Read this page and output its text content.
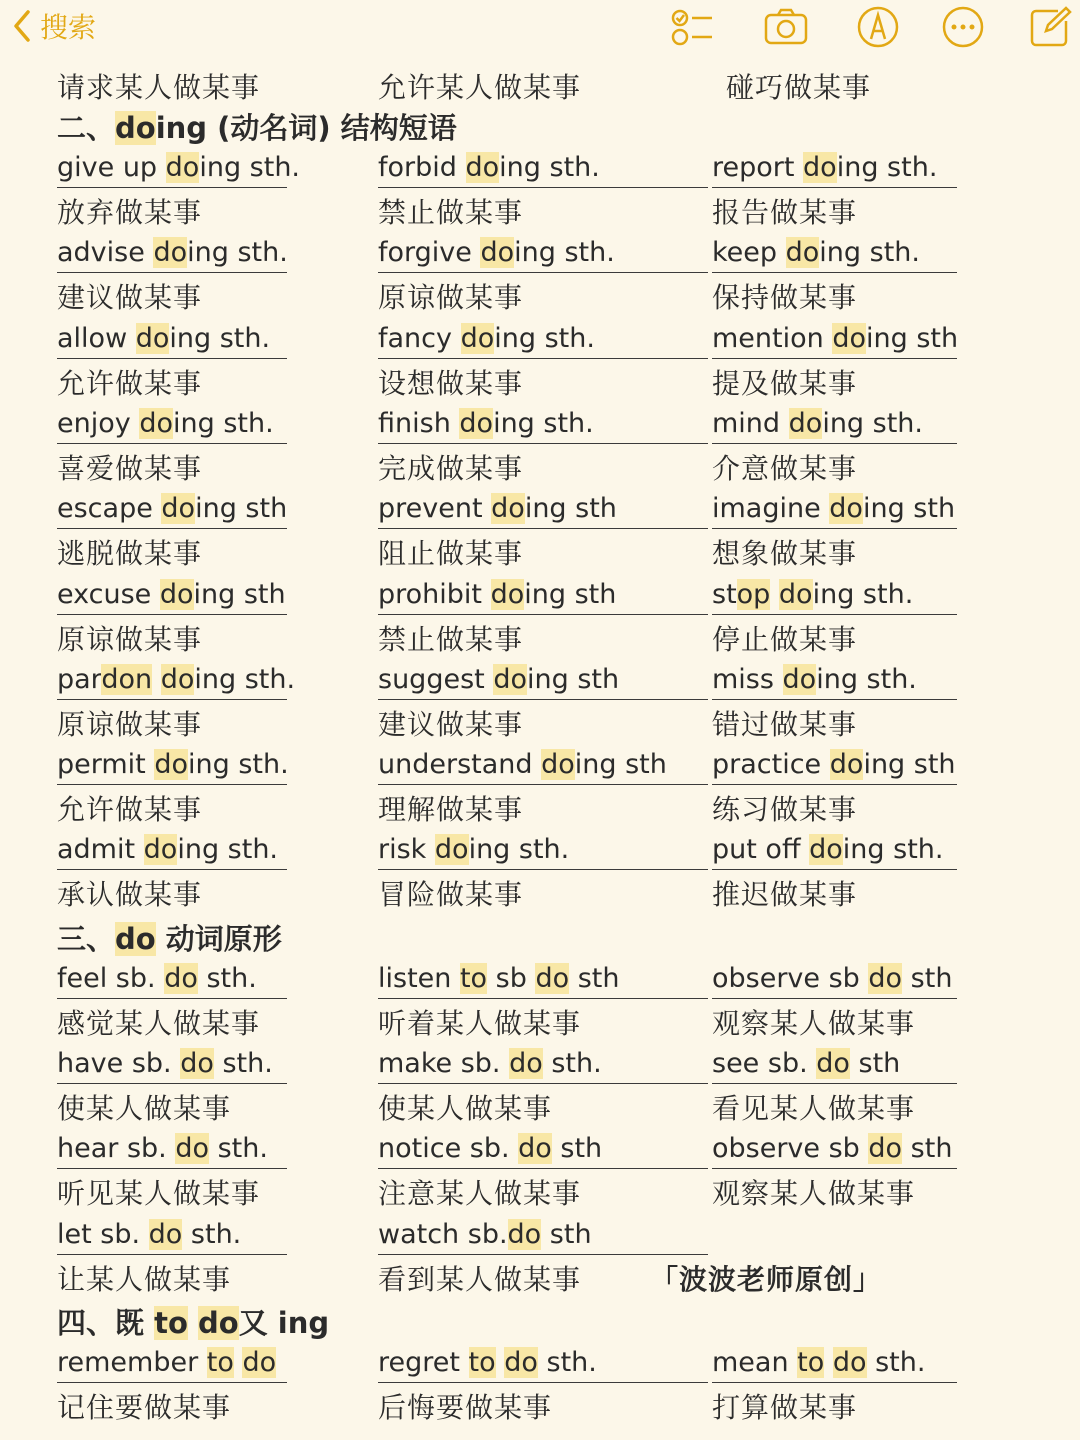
搜索
请求某人做某事	允许某人做某事	碰巧做某事
二、doing (动名词) 结构短语
give up doing sth.	forbid doing sth.	report doing sth.
放弃做某事	禁止做某事	报告做某事
advise doing sth.	forgive doing sth.	keep doing sth.
建议做某事	原谅做某事	保持做某事
allow doing sth.	fancy doing sth.	mention doing sth
允许做某事	设想做某事	提及做某事
enjoy doing sth.	finish doing sth.	mind doing sth.
喜爱做某事	完成做某事	介意做某事
escape doing sth	prevent doing sth	imagine doing sth
逃脱做某事	阻止做某事	想象做某事
excuse doing sth	prohibit doing sth	stop doing sth.
原谅做某事	禁止做某事	停止做某事
pardon doing sth.	suggest doing sth	miss doing sth.
原谅做某事	建议做某事	错过做某事
permit doing sth.	understand doing sth	practice doing sth
允许做某事	理解做某事	练习做某事
admit doing sth.	risk doing sth.	put off doing sth.
承认做某事	冒险做某事	推迟做某事
三、do 动词原形
feel sb. do sth.	listen to sb do sth	observe sb do sth
感觉某人做某事	听着某人做某事	观察某人做某事
have sb. do sth.	make sb. do sth.	see sb. do sth
使某人做某事	使某人做某事	看见某人做某事
hear sb. do sth.	notice sb. do sth	observe sb do sth
听见某人做某事	注意某人做某事	观察某人做某事
let sb. do sth.	watch sb.do sth
让某人做某事	看到某人做某事 「波波老师原创」
四、既 to do又 ing
remember to do	regret to do sth.	mean to do sth.
记住要做某事	后悔要做某事	打算做某事
